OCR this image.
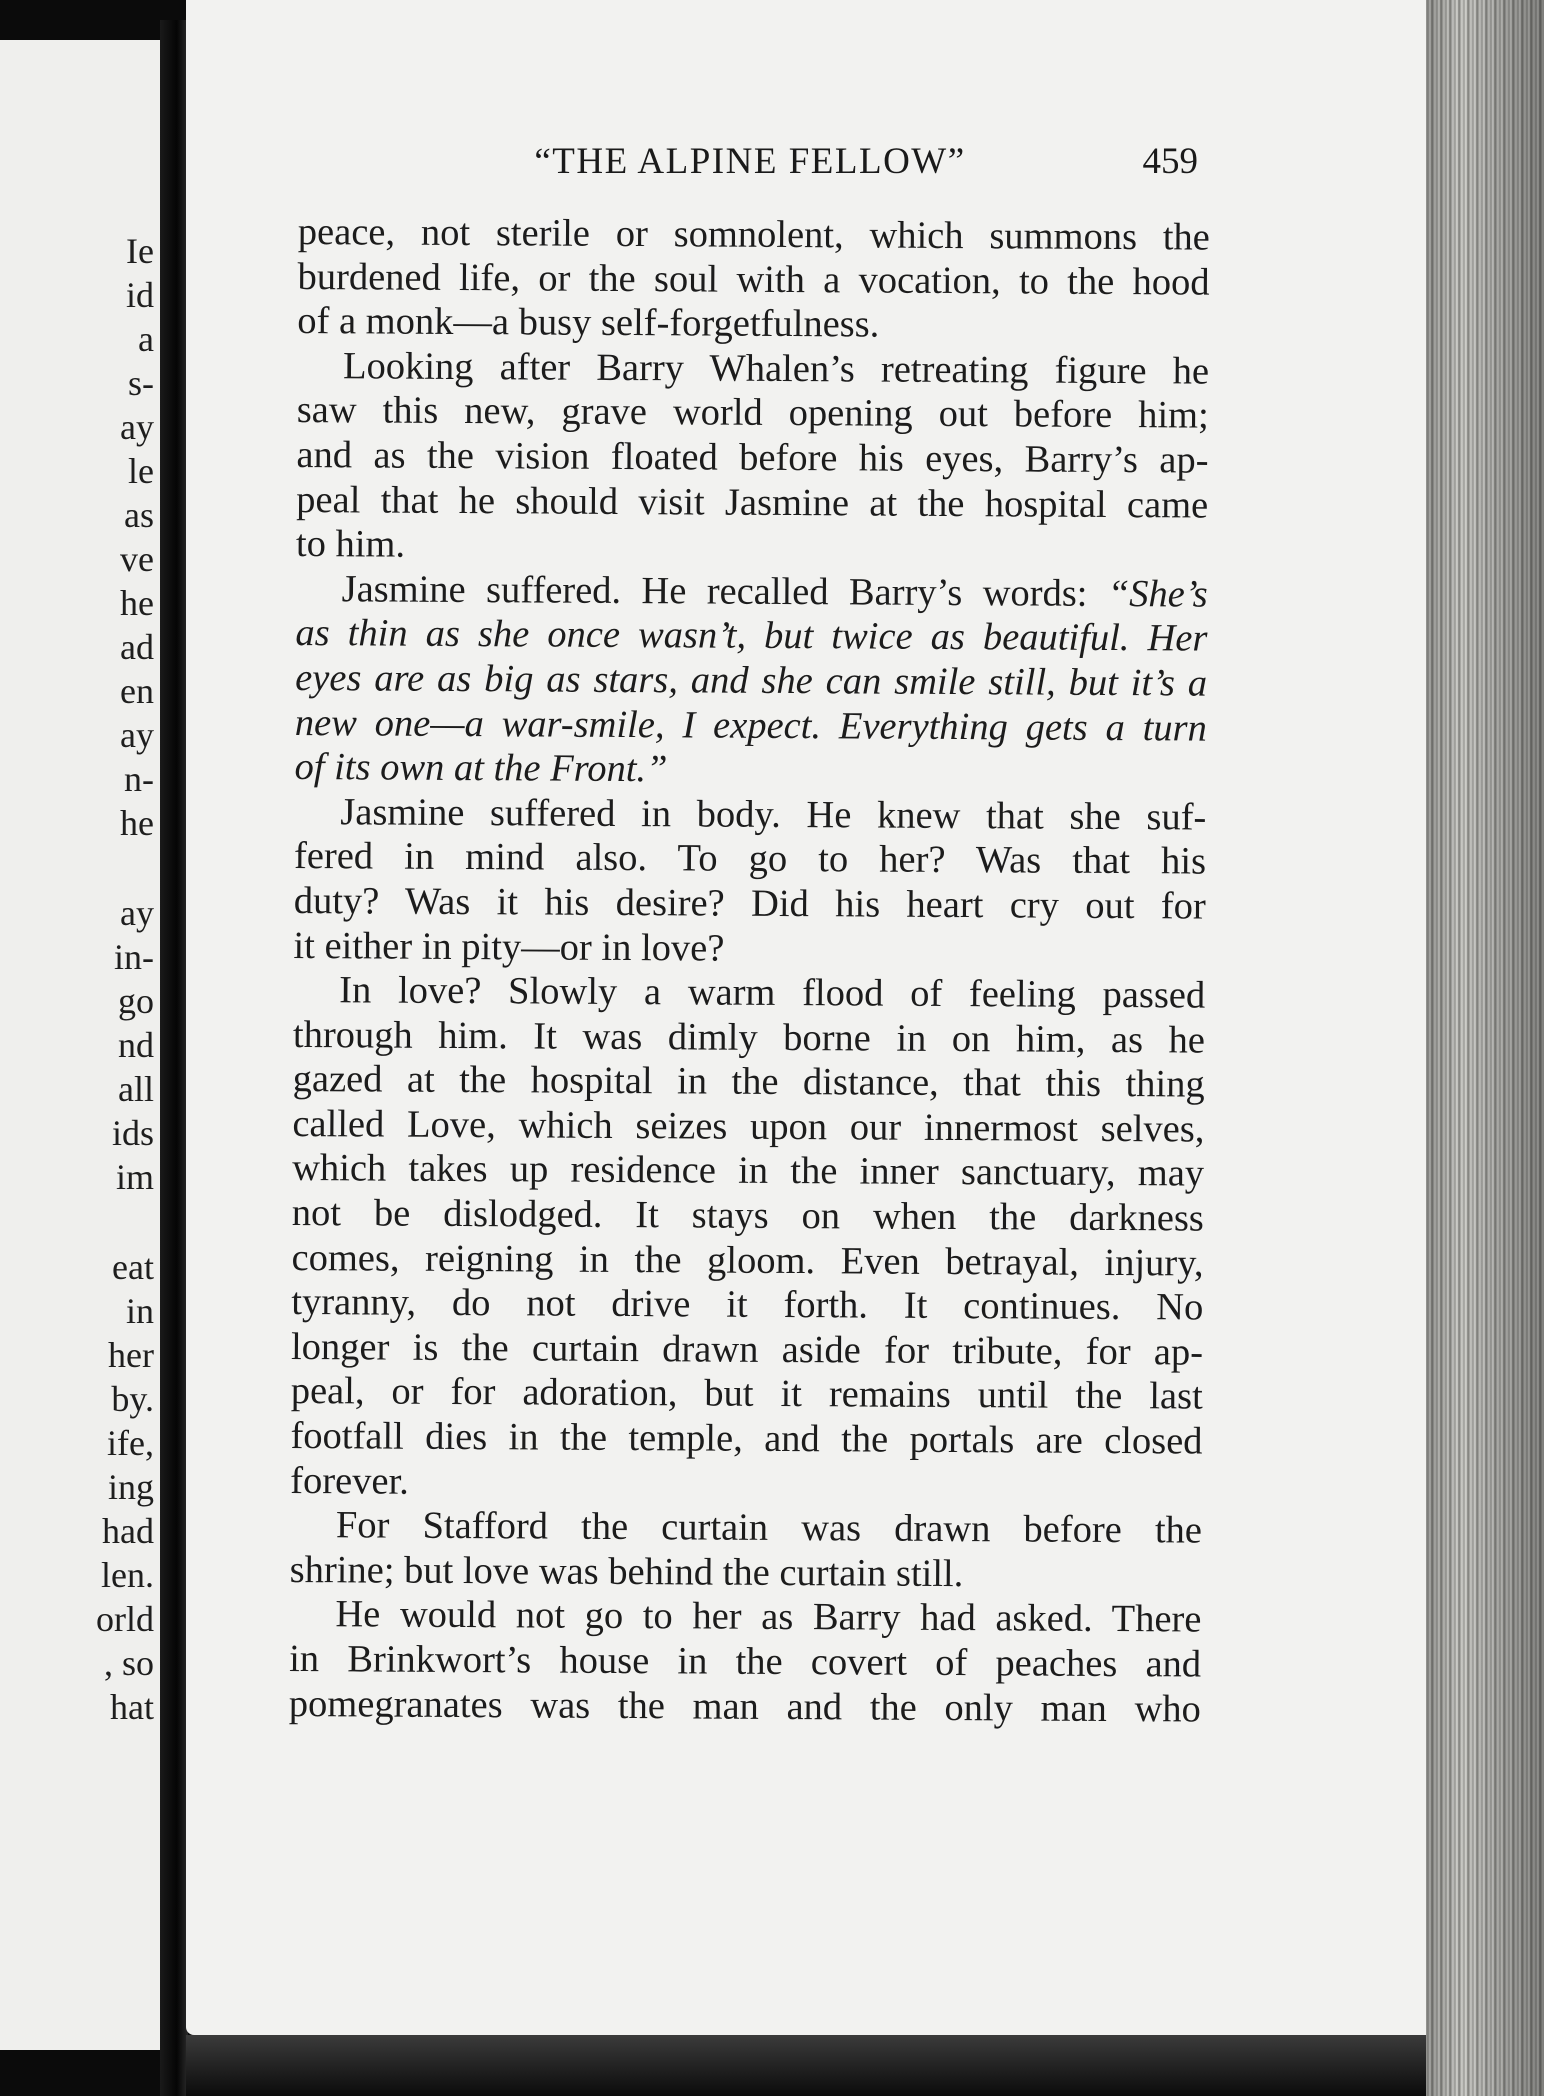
Ie
id
a
s-
ay
le
as
ve
he
ad
en
ay
n-
he
ay
in-
go
nd
all
ids
im
eat
in
her
by.
ife,
ing
had
len.
orld
, so
hat
“THE ALPINE FELLOW”	459
peace, not sterile or somnolent, which summons the
burdened life, or the soul with a vocation, to the hood
of a monk—a busy self-forgetfulness.
Looking after Barry Whalen’s retreating figure he
saw this new, grave world opening out before him;
and as the vision floated before his eyes, Barry’s ap-
peal that he should visit Jasmine at the hospital came
to him.
Jasmine suffered. He recalled Barry’s words: “She’s
as thin as she once wasn’t, but twice as beautiful. Her
eyes are as big as stars, and she can smile still, but it’s a
new one—a war-smile, I expect. Everything gets a turn
of its own at the Front.”
Jasmine suffered in body. He knew that she suf-
fered in mind also. To go to her? Was that his
duty? Was it his desire? Did his heart cry out for
it either in pity—or in love?
In love? Slowly a warm flood of feeling passed
through him. It was dimly borne in on him, as he
gazed at the hospital in the distance, that this thing
called Love, which seizes upon our innermost selves,
which takes up residence in the inner sanctuary, may
not be dislodged. It stays on when the darkness
comes, reigning in the gloom. Even betrayal, injury,
tyranny, do not drive it forth. It continues. No
longer is the curtain drawn aside for tribute, for ap-
peal, or for adoration, but it remains until the last
footfall dies in the temple, and the portals are closed
forever.
For Stafford the curtain was drawn before the
shrine; but love was behind the curtain still.
He would not go to her as Barry had asked. There
in Brinkwort’s house in the covert of peaches and
pomegranates was the man and the only man who
